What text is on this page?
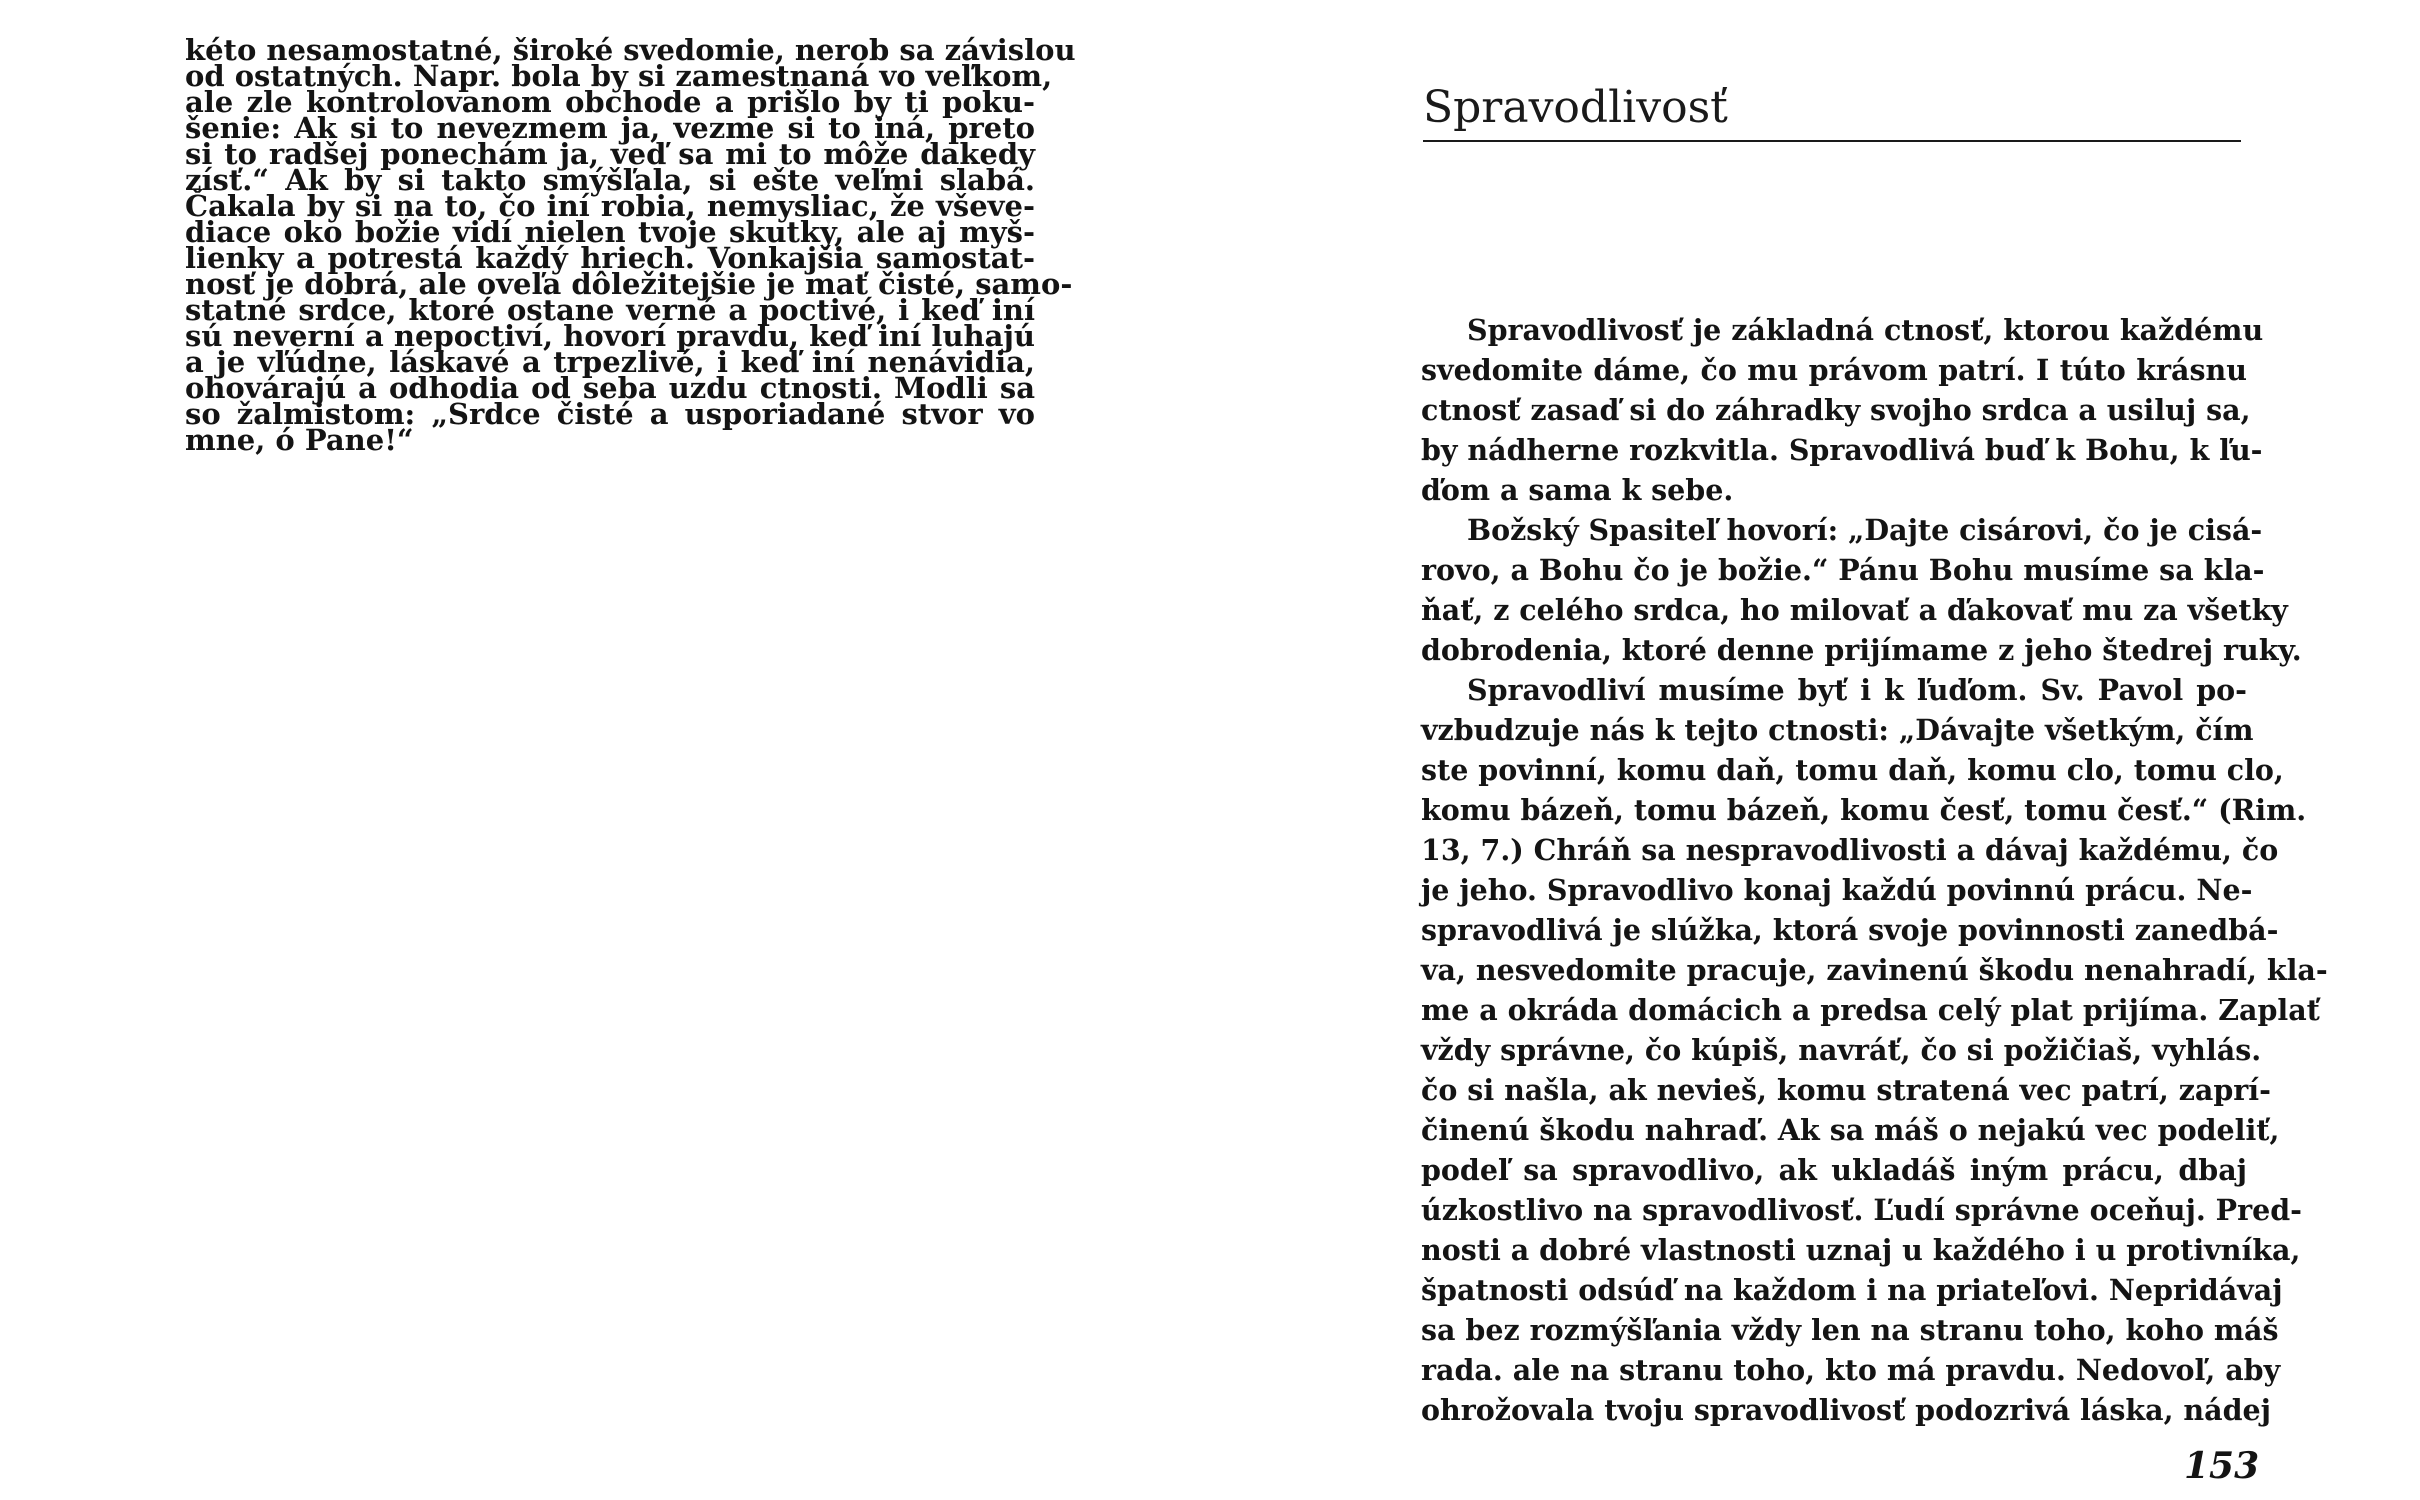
kéto nesamostatné, široké svedomie, nerob sa závislou
od ostatných. Napr. bola by si zamestnaná vo veľkom,
ale zle kontrolovanom obchode a prišlo by ti poku-
šenie: Ak si to nevezmem ja, vezme si to iná, preto
si to radšej ponechám ja, veď sa mi to môže dakedy
zísť.“ Ak by si takto smýšľala, si ešte veľmi slabá.
Čakala by si na to, čo iní robia, nemysliac, že vševe-
diace oko božie vidí nielen tvoje skutky, ale aj myš-
lienky a potrestá každý hriech. Vonkajšia samostat-
nosť je dobrá, ale oveľa dôležitejšie je mať čisté, samo-
statné srdce, ktoré ostane verné a poctivé, i keď iní
sú neverní a nepoctiví, hovorí pravdu, keď iní luhajú
a je vľúdne, láskavé a trpezlivé, i keď iní nenávidia,
ohovárajú a odhodia od seba uzdu ctnosti. Modli sa
so žalmistom: „Srdce čisté a usporiadané stvor vo
mne, ó Pane!“
Spravodlivosť
Spravodlivosť je základná ctnosť, ktorou každému
svedomite dáme, čo mu právom patrí. I túto krásnu
ctnosť zasaď si do záhradky svojho srdca a usiluj sa,
by nádherne rozkvitla. Spravodlivá buď k Bohu, k ľu-
ďom a sama k sebe.
Božský Spasiteľ hovorí: „Dajte cisárovi, čo je cisá-
rovo, a Bohu čo je božie.“ Pánu Bohu musíme sa kla-
ňať, z celého srdca, ho milovať a ďakovať mu za všetky
dobrodenia, ktoré denne prijímame z jeho štedrej ruky.
Spravodliví musíme byť i k ľuďom. Sv. Pavol po-
vzbudzuje nás k tejto ctnosti: „Dávajte všetkým, čím
ste povinní, komu daň, tomu daň, komu clo, tomu clo,
komu bázeň, tomu bázeň, komu česť, tomu česť.“ (Rim.
13, 7.) Chráň sa nespravodlivosti a dávaj každému, čo
je jeho. Spravodlivo konaj každú povinnú prácu. Ne-
spravodlivá je slúžka, ktorá svoje povinnosti zanedbá-
va, nesvedomite pracuje, zavinenú škodu nenahradí, kla-
me a okráda domácich a predsa celý plat prijíma. Zaplať
vždy správne, čo kúpiš, navráť, čo si požičiaš, vyhlás.
čo si našla, ak nevieš, komu stratená vec patrí, zaprí-
činenú škodu nahraď. Ak sa máš o nejakú vec podeliť,
podeľ sa spravodlivo, ak ukladáš iným prácu, dbaj
úzkostlivo na spravodlivosť. Ľudí správne oceňuj. Pred-
nosti a dobré vlastnosti uznaj u každého i u protivníka,
špatnosti odsúď na každom i na priateľovi. Nepridávaj
sa bez rozmýšľania vždy len na stranu toho, koho máš
rada. ale na stranu toho, kto má pravdu. Nedovoľ, aby
ohrožovala tvoju spravodlivosť podozrivá láska, nádej
153
